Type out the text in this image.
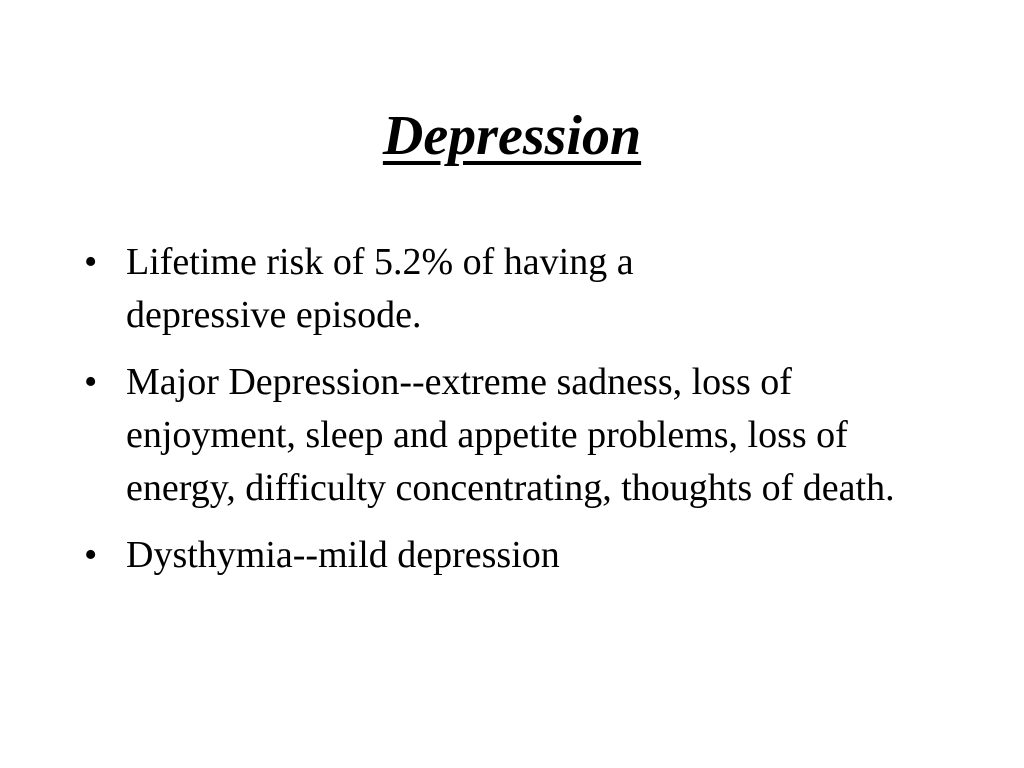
Depression
• Lifetime risk of 5.2% of having a depressive episode.
• Major Depression--extreme sadness, loss of enjoyment, sleep and appetite problems, loss of energy, difficulty concentrating, thoughts of death.
• Dysthymia--mild depression
